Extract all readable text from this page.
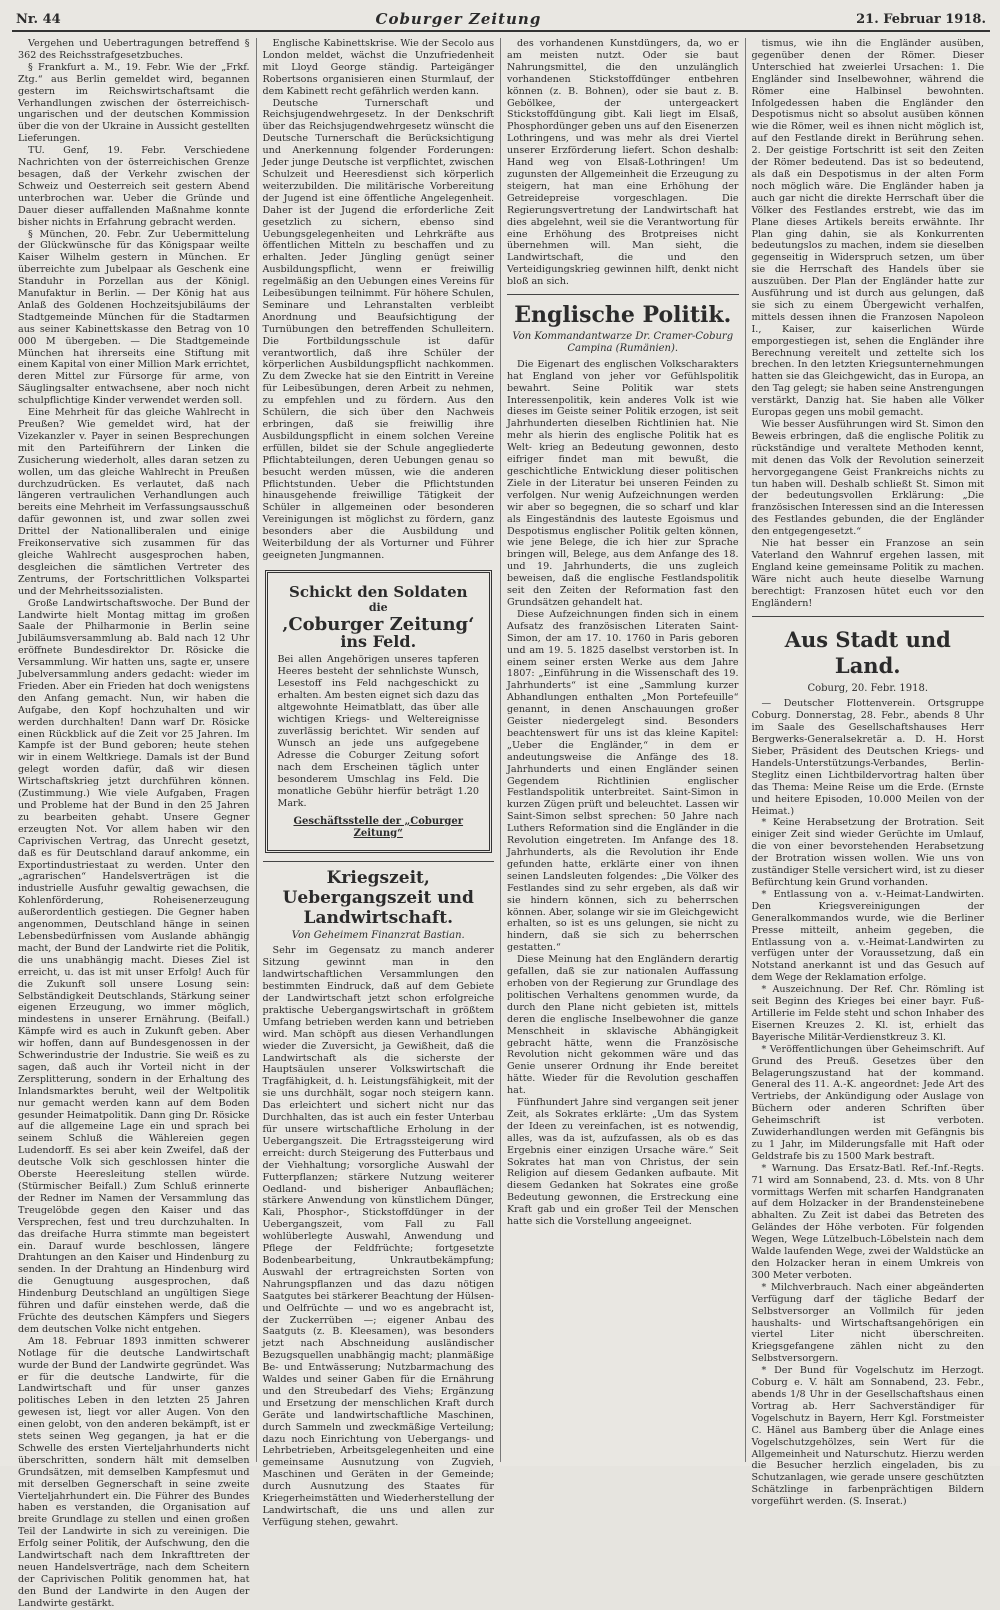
Nr. 44	Coburger Zeitung	21. Februar 1918.

Vergehen und Uebertragungen betreffend § 362 des Reichsstrafgesetzbuches.

§ Frankfurt a. M., 19. Febr. Wie der „Frkf. Ztg.“ aus Berlin gemeldet wird, begannen gestern im Reichswirtschaftsamt die Verhandlungen zwischen der österreichisch-ungarischen und der deutschen Kommission über die von der Ukraine in Aussicht gestellten Lieferungen.

TU. Genf, 19. Febr. Verschiedene Nachrichten von der österreichischen Grenze besagen, daß der Verkehr zwischen der Schweiz und Oesterreich seit gestern Abend unterbrochen war. Ueber die Gründe und Dauer dieser auffallenden Maßnahme konnte bisher nichts in Erfahrung gebracht werden.

§ München, 20. Febr. Zur Uebermittelung der Glückwünsche für das Königspaar weilte Kaiser Wilhelm gestern in München. Er überreichte zum Jubelpaar als Geschenk eine Standuhr in Porzellan aus der Königl. Manufaktur in Berlin. — Der König hat aus Anlaß des Goldenen Hochzeitsjubiläums der Stadtgemeinde München für die Stadtarmen aus seiner Kabinettskasse den Betrag von 10 000 M übergeben. — Die Stadtgemeinde München hat ihrerseits eine Stiftung mit einem Kapital von einer Million Mark errichtet, deren Mittel zur Fürsorge für arme, von Säuglingsalter entwachsene, aber noch nicht schulpflichtige Kinder verwendet werden soll.

Eine Mehrheit für das gleiche Wahlrecht in Preußen? Wie gemeldet wird, hat der Vizekanzler v. Payer in seinen Besprechungen mit den Parteiführern der Linken die Zusicherung wiederholt, alles daran setzen zu wollen, um das gleiche Wahlrecht in Preußen durchzudrücken. Es verlautet, daß nach längeren vertraulichen Verhandlungen auch bereits eine Mehrheit im Verfassungsausschuß dafür gewonnen ist, und zwar sollen zwei Drittel der Nationalliberalen und einige Freikonservative sich zusammen für das gleiche Wahlrecht ausgesprochen haben, desgleichen die sämtlichen Vertreter des Zentrums, der Fortschrittlichen Volkspartei und der Mehrheitssozialisten.

Große Landwirtschaftswoche. Der Bund der Landwirte hielt Montag mittag im großen Saale der Philharmonie in Berlin seine Jubiläumsversammlung ab. Bald nach 12 Uhr eröffnete Bundesdirektor Dr. Rösicke die Versammlung. Wir hatten uns, sagte er, unsere Jubelversammlung anders gedacht: wieder im Frieden. Aber ein Frieden hat doch wenigstens den Anfang gemacht. Nun, wir haben die Aufgabe, den Kopf hochzuhalten und wir werden durchhalten! Dann warf Dr. Rösicke einen Rückblick auf die Zeit vor 25 Jahren. Im Kampfe ist der Bund geboren; heute stehen wir in einem Weltkriege. Damals ist der Bund gelegt worden dafür, daß wir diesen Wirtschaftskrieg jetzt durchführen können. (Zustimmung.) Wie viele Aufgaben, Fragen und Probleme hat der Bund in den 25 Jahren zu bearbeiten gehabt. Unsere Gegner erzeugten Not. Vor allem haben wir den Caprivischen Vertrag, das Unrecht gesetzt, daß es für Deutschland darauf ankomme, ein Exportindustriestaat zu werden. Unter den „agrarischen“ Handelsverträgen ist die industrielle Ausfuhr gewaltig gewachsen, die Kohlenförderung, Roheisenerzeugung außerordentlich gestiegen. Die Gegner haben angenommen, Deutschland hänge in seinen Lebensbedürfnissen vom Auslande abhängig macht, der Bund der Landwirte riet die Politik, die uns unabhängig macht. Dieses Ziel ist erreicht, u. das ist mit unser Erfolg! Auch für die Zukunft soll unsere Losung sein: Selbständigkeit Deutschlands, Stärkung seiner eigenen Erzeugung, wo immer möglich, mindestens in unserer Ernährung. (Beifall.) Kämpfe wird es auch in Zukunft geben. Aber wir hoffen, dann auf Bundesgenossen in der Schwerindustrie der Industrie. Sie weiß es zu sagen, daß auch ihr Vorteil nicht in der Zersplitterung, sondern in der Erhaltung des Inlandsmarktes beruht, weil der Weltpolitik nur gemacht werden kann auf dem Boden gesunder Heimatpolitik. Dann ging Dr. Rösicke auf die allgemeine Lage ein und sprach bei seinem Schluß die Wählereien gegen Ludendorff. Es sei aber kein Zweifel, daß der deutsche Volk sich geschlossen hinter die Oberste Heeresleitung stellen würde. (Stürmischer Beifall.) Zum Schluß erinnerte der Redner im Namen der Versammlung das Treugelöbde gegen den Kaiser und das Versprechen, fest und treu durchzuhalten. In das dreifache Hurra stimmte man begeistert ein. Darauf wurde beschlossen, längere Drahtungen an den Kaiser und Hindenburg zu senden. In der Drahtung an Hindenburg wird die Genugtuung ausgesprochen, daß Hindenburg Deutschland an ungültigen Siege führen und dafür einstehen werde, daß die Früchte des deutschen Kämpfers und Siegers dem deutschen Volke nicht entgehen.

Am 18. Februar 1893 inmitten schwerer Notlage für die deutsche Landwirtschaft wurde der Bund der Landwirte gegründet. Was er für die deutsche Landwirte, für die Landwirtschaft und für unser ganzes politisches Leben in den letzten 25 Jahren gewesen ist, liegt vor aller Augen. Von den einen gelobt, von den anderen bekämpft, ist er stets seinen Weg gegangen, ja hat er die Schwelle des ersten Vierteljahrhunderts nicht überschritten, sondern hält mit demselben Grundsätzen, mit demselben Kampfesmut und mit derselben Gegnerschaft in seine zweite Vierteljahrhundert ein. Die Führer des Bundes haben es verstanden, die Organisation auf breite Grundlage zu stellen und einen großen Teil der Landwirte in sich zu vereinigen. Die Erfolg seiner Politik, der Aufschwung, den die Landwirtschaft nach dem Inkrafttreten der neuen Handelsverträge, nach dem Scheitern der Caprivischen Politik genommen hat, hat den Bund der Landwirte in den Augen der Landwirte gestärkt.

Englische Kabinettskrise. Wie der Secolo aus London meldet, wächst die Unzufriedenheit mit Lloyd George ständig. Parteigänger Robertsons organisieren einen Sturmlauf, der dem Kabinett recht gefährlich werden kann.

Deutsche Turnerschaft und Reichsjugendwehrgesetz. In der Denkschrift über das Reichsjugendwehrgesetz wünscht die Deutsche Turnerschaft die Berücksichtigung und Anerkennung folgender Forderungen: Jeder junge Deutsche ist verpflichtet, zwischen Schulzeit und Heeresdienst sich körperlich weiterzubilden. Die militärische Vorbereitung der Jugend ist eine öffentliche Angelegenheit. Daher ist der Jugend die erforderliche Zeit gesetzlich zu sichern, ebenso sind Uebungsgelegenheiten und Lehrkräfte aus öffentlichen Mitteln zu beschaffen und zu erhalten. Jeder Jüngling genügt seiner Ausbildungspflicht, wenn er freiwillig regelmäßig an den Uebungen eines Vereins für Leibesübungen teilnimmt. Für höhere Schulen, Seminare und Lehranstalten verbleibt Anordnung und Beaufsichtigung der Turnübungen den betreffenden Schulleitern. Die Fortbildungsschule ist dafür verantwortlich, daß ihre Schüler der körperlichen Ausbildungspflicht nachkommen. Zu dem Zwecke hat sie den Eintritt in Vereine für Leibesübungen, deren Arbeit zu nehmen, zu empfehlen und zu fördern. Aus den Schülern, die sich über den Nachweis erbringen, daß sie freiwillig ihre Ausbildungspflicht in einem solchen Vereine erfüllen, bildet sie der Schule angegliederte Pflichtabteilungen, deren Uebungen genau so besucht werden müssen, wie die anderen Pflichtstunden. Ueber die Pflichtstunden hinausgehende freiwillige Tätigkeit der Schüler in allgemeinen oder besonderen Vereinigungen ist möglichst zu fördern, ganz besonders aber die Ausbildung und Weiterbildung der als Vorturner und Führer geeigneten Jungmannen.

Schickt den Soldaten
die
‚Coburger Zeitung‘
ins Feld.
Bei allen Angehörigen unseres tapferen Heeres besteht der sehnlichste Wunsch, Lesestoff ins Feld nachgeschickt zu erhalten. Am besten eignet sich dazu das altgewohnte Heimatblatt, das über alle wichtigen Kriegs- und Weltereignisse zuverlässig berichtet. Wir senden auf Wunsch an jede uns aufgegebene Adresse die Coburger Zeitung sofort nach dem Erscheinen täglich unter besonderem Umschlag ins Feld. Die monatliche Gebühr hierfür beträgt 1.20 Mark.
Geschäftsstelle der „Coburger Zeitung“
Kriegszeit, Uebergangszeit und Landwirtschaft.
Von Geheimem Finanzrat Bastian.

Sehr im Gegensatz zu manch anderer Sitzung gewinnt man in den landwirtschaftlichen Versammlungen den bestimmten Eindruck, daß auf dem Gebiete der Landwirtschaft jetzt schon erfolgreiche praktische Uebergangswirtschaft in größtem Umfang betrieben werden kann und betrieben wird. Man schöpft aus diesen Verhandlungen wieder die Zuversicht, ja Gewißheit, daß die Landwirtschaft als die sicherste der Hauptsäulen unserer Volkswirtschaft die Tragfähigkeit, d. h. Leistungsfähigkeit, mit der sie uns durchhält, sogar noch steigern kann. Das erleichtert und sichert nicht nur das Durchhalten, das ist auch ein fester Unterbau für unsere wirtschaftliche Erholung in der Uebergangszeit. Die Ertragssteigerung wird erreicht: durch Steigerung des Futterbaus und der Viehhaltung; vorsorgliche Auswahl der Futterpflanzen; stärkere Nutzung weiterer Oedland- und bisheriger Anbauflächen; stärkere Anwendung von künstlichem Dünger, Kali, Phosphor-, Stickstoffdünger in der Uebergangszeit, vom Fall zu Fall wohlüberlegte Auswahl, Anwendung und Pflege der Feldfrüchte; fortgesetzte Bodenbearbeitung, Unkrautbekämpfung; Auswahl der ertragreichsten Sorten von Nahrungspflanzen und das dazu nötigen Saatgutes bei stärkerer Beachtung der Hülsen- und Oelfrüchte — und wo es angebracht ist, der Zuckerrüben —; eigener Anbau des Saatguts (z. B. Kleesamen), was besonders jetzt nach Abschneidung ausländischer Bezugsquellen unabhängig macht; planmäßige Be- und Entwässerung; Nutzbarmachung des Waldes und seiner Gaben für die Ernährung und den Streubedarf des Viehs; Ergänzung und Ersetzung der menschlichen Kraft durch Geräte und landwirtschaftliche Maschinen, durch Sammeln und zweckmäßige Verteilung; dazu noch Einrichtung von Uebergangs- und Lehrbetrieben, Arbeitsgelegenheiten und eine gemeinsame Ausnutzung von Zugvieh, Maschinen und Geräten in der Gemeinde; durch Ausnutzung des Staates für Kriegerheimstätten und Wiederherstellung der Landwirtschaft, die uns und allen zur Verfügung stehen, gewahrt.

des vorhandenen Kunstdüngers, da, wo er am meisten nutzt. Oder sie baut Nahrungsmittel, die den unzulänglich vorhandenen Stickstoffdünger entbehren können (z. B. Bohnen), oder sie baut z. B. Gebölkee, der untergeackert Stickstoffdüngung gibt. Kali liegt im Elsaß, Phosphordünger geben uns auf den Eisenerzen Lothringens, und was mehr als drei Viertel unserer Erzförderung liefert. Schon deshalb: Hand weg von Elsaß-Lothringen! Um zugunsten der Allgemeinheit die Erzeugung zu steigern, hat man eine Erhöhung der Getreidepreise vorgeschlagen. Die Regierungsvertretung der Landwirtschaft hat dies abgelehnt, weil sie die Verantwortung für eine Erhöhung des Brotpreises nicht übernehmen will. Man sieht, die Landwirtschaft, die und den Verteidigungskrieg gewinnen hilft, denkt nicht bloß an sich.

Englische Politik.
Von Kommandantwarze Dr. Cramer-Coburg Campina (Rumänien).

Die Eigenart des englischen Volkscharakters hat England von jeher vor Gefühlspolitik bewahrt. Seine Politik war stets Interessenpolitik, kein anderes Volk ist wie dieses im Geiste seiner Politik erzogen, ist seit Jahrhunderten dieselben Richtlinien hat. Nie mehr als hierin des englische Politik hat es Welt- krieg an Bedeutung gewonnen, desto eifriger findet man mit bewußt, die geschichtliche Entwicklung dieser politischen Ziele in der Literatur bei unseren Feinden zu verfolgen. Nur wenig Aufzeichnungen werden wir aber so begegnen, die so scharf und klar als Eingeständnis des lauteste Egoismus und Despotismus englischer Politik gelten können, wie jene Belege, die ich hier zur Sprache bringen will, Belege, aus dem Anfange des 18. und 19. Jahrhunderts, die uns zugleich beweisen, daß die englische Festlandspolitik seit den Zeiten der Reformation fast den Grundsätzen gehandelt hat.

Diese Aufzeichnungen finden sich in einem Aufsatz des französischen Literaten Saint-Simon, der am 17. 10. 1760 in Paris geboren und am 19. 5. 1825 daselbst verstorben ist. In einem seiner ersten Werke aus dem Jahre 1807: „Einführung in die Wissenschaft des 19. Jahrhunderts“ ist eine „Sammlung kurzer Abhandlungen enthalten „Mon Portefeuille“ genannt, in denen Anschauungen großer Geister niedergelegt sind. Besonders beachtenswert für uns ist das kleine Kapitel: „Ueber die Engländer,“ in dem er andeutungsweise die Anfänge des 18. Jahrhunderts und einen Engländer seinen Gegendem Richtlinien englischer Festlandspolitik unterbreitet. Saint-Simon in kurzen Zügen prüft und beleuchtet. Lassen wir Saint-Simon selbst sprechen: 50 Jahre nach Luthers Reformation sind die Engländer in die Revolution eingetreten. Im Anfange des 18. Jahrhunderts, als die Revolution ihr Ende gefunden hatte, erklärte einer von ihnen seinen Landsleuten folgendes: „Die Völker des Festlandes sind zu sehr ergeben, als daß wir sie hindern können, sich zu beherrschen können. Aber, solange wir sie im Gleichgewicht erhalten, so ist es uns gelungen, sie nicht zu hindern, daß sie sich zu beherrschen gestatten.“

Diese Meinung hat den Engländern derartig gefallen, daß sie zur nationalen Auffassung erhoben von der Regierung zur Grundlage des politischen Verhaltens genommen wurde, da durch den Plane nicht gebieten ist, mittels deren die englische Inselbewohner die ganze Menschheit in sklavische Abhängigkeit gebracht hätte, wenn die Französische Revolution nicht gekommen wäre und das Genie unserer Ordnung ihr Ende bereitet hätte. Wieder für die Revolution geschaffen hat.

Fünfhundert Jahre sind vergangen seit jener Zeit, als Sokrates erklärte: „Um das System der Ideen zu vereinfachen, ist es notwendig, alles, was da ist, aufzufassen, als ob es das Ergebnis einer einzigen Ursache wäre.“ Seit Sokrates hat man von Christus, der sein Religion auf diesem Gedanken aufbaute. Mit diesem Gedanken hat Sokrates eine große Bedeutung gewonnen, die Erstreckung eine Kraft gab und ein großer Teil der Menschen hatte sich die Vorstellung angeeignet.

tismus, wie ihn die Engländer ausüben, gegenüber denen der Römer. Dieser Unterschied hat zweierlei Ursachen: 1. Die Engländer sind Inselbewohner, während die Römer eine Halbinsel bewohnten. Infolgedessen haben die Engländer den Despotismus nicht so absolut ausüben können wie die Römer, weil es ihnen nicht möglich ist, auf den Festlande direkt in Berührung sehen. 2. Der geistige Fortschritt ist seit den Zeiten der Römer bedeutend. Das ist so bedeutend, als daß ein Despotismus in der alten Form noch möglich wäre. Die Engländer haben ja auch gar nicht die direkte Herrschaft über die Völker des Festlandes erstrebt, wie das im Plane dieses Artikels bereits erwähnte. Ihr Plan ging dahin, sie als Konkurrenten bedeutungslos zu machen, indem sie dieselben gegenseitig in Widerspruch setzen, um über sie die Herrschaft des Handels über sie auszuüben. Der Plan der Engländer hatte zur Ausführung und ist durch aus gelungen, daß sie sich zu einem Übergewicht verhalfen, mittels dessen ihnen die Franzosen Napoleon I., Kaiser, zur kaiserlichen Würde emporgestiegen ist, sehen die Engländer ihre Berechnung vereitelt und zettelte sich los brechen. In den letzten Kriegsunternehmungen hatten sie das Gleichgewicht, das in Europa, an den Tag gelegt; sie haben seine Anstrengungen verstärkt, Danzig hat. Sie haben alle Völker Europas gegen uns mobil gemacht.

Wie besser Ausführungen wird St. Simon den Beweis erbringen, daß die englische Politik zu rückständige und veraltete Methoden kennt, mit denen das Volk der Revolution seinerzeit hervorgegangene Geist Frankreichs nichts zu tun haben will. Deshalb schließt St. Simon mit der bedeutungsvollen Erklärung: „Die französischen Interessen sind an die Interessen des Festlandes gebunden, die der Engländer den entgegengesetzt.“

Nie hat besser ein Franzose an sein Vaterland den Wahnruf ergehen lassen, mit England keine gemeinsame Politik zu machen. Wäre nicht auch heute dieselbe Warnung berechtigt: Franzosen hütet euch vor den Engländern!

Aus Stadt und Land.
Coburg, 20. Febr. 1918.

— Deutscher Flottenverein. Ortsgruppe Coburg. Donnerstag, 28. Febr., abends 8 Uhr im Saale des Gesellschaftshauses Herr Bergwerks-Generalsekretär a. D. H. Horst Sieber, Präsident des Deutschen Kriegs- und Handels-Unterstützungs-Verbandes, Berlin-Steglitz einen Lichtbildervortrag halten über das Thema: Meine Reise um die Erde. (Ernste und heitere Episoden, 10.000 Meilen von der Heimat.)

* Keine Herabsetzung der Brotration. Seit einiger Zeit sind wieder Gerüchte im Umlauf, die von einer bevorstehenden Herabsetzung der Brotration wissen wollen. Wie uns von zuständiger Stelle versichert wird, ist zu dieser Befürchtung kein Grund vorhanden.

* Entlassung von a. v.-Heimat-Landwirten. Den Kriegsvereinigungen der Generalkommandos wurde, wie die Berliner Presse mitteilt, anheim gegeben, die Entlassung von a. v.-Heimat-Landwirten zu verfügen unter der Voraussetzung, daß ein Notstand anerkannt ist und das Gesuch auf dem Wege der Reklamation erfolge.

* Auszeichnung. Der Ref. Chr. Römling ist seit Beginn des Krieges bei einer bayr. Fuß-Artillerie im Felde steht und schon Inhaber des Eisernen Kreuzes 2. Kl. ist, erhielt das Bayerische Militär-Verdienstkreuz 3. Kl.

* Veröffentlichungen über Geheimschrift. Auf Grund des Preuß. Gesetzes über den Belagerungszustand hat der kommand. General des 11. A.-K. angeordnet: Jede Art des Vertriebs, der Ankündigung oder Auslage von Büchern oder anderen Schriften über Geheimschrift ist verboten. Zuwiderhandlungen werden mit Gefängnis bis zu 1 Jahr, im Milderungsfalle mit Haft oder Geldstrafe bis zu 1500 Mark bestraft.

* Warnung. Das Ersatz-Batl. Ref.-Inf.-Regts. 71 wird am Sonnabend, 23. d. Mts. von 8 Uhr vormittags Werfen mit scharfen Handgranaten auf dem Holzacker in der Brandensteinebene abhalten. Zu Zeit ist dabei das Betreten des Geländes der Höhe verboten. Für folgenden Wegen, Wege Lützelbuch-Löbelstein nach dem Walde laufenden Wege, zwei der Waldstücke an den Holzacker heran in einem Umkreis von 300 Meter verboten.

* Milchverbrauch. Nach einer abgeänderten Verfügung darf der tägliche Bedarf der Selbstversorger an Vollmilch für jeden haushalts- und Wirtschaftsangehörigen ein viertel Liter nicht überschreiten. Kriegsgefangene zählen nicht zu den Selbstversorgern.

* Der Bund für Vogelschutz im Herzogt. Coburg e. V. hält am Sonnabend, 23. Febr., abends 1/8 Uhr in der Gesellschaftshaus einen Vortrag ab. Herr Sachverständiger für Vogelschutz in Bayern, Herr Kgl. Forstmeister C. Hänel aus Bamberg über die Anlage eines Vogelschutzgehölzes, sein Wert für die Allgemeinheit und Naturschutz. Hierzu werden die Besucher herzlich eingeladen, bis zu Schutzanlagen, wie gerade unsere geschützten Schätzlinge in farbenprächtigen Bildern vorgeführt werden. (S. Inserat.)
